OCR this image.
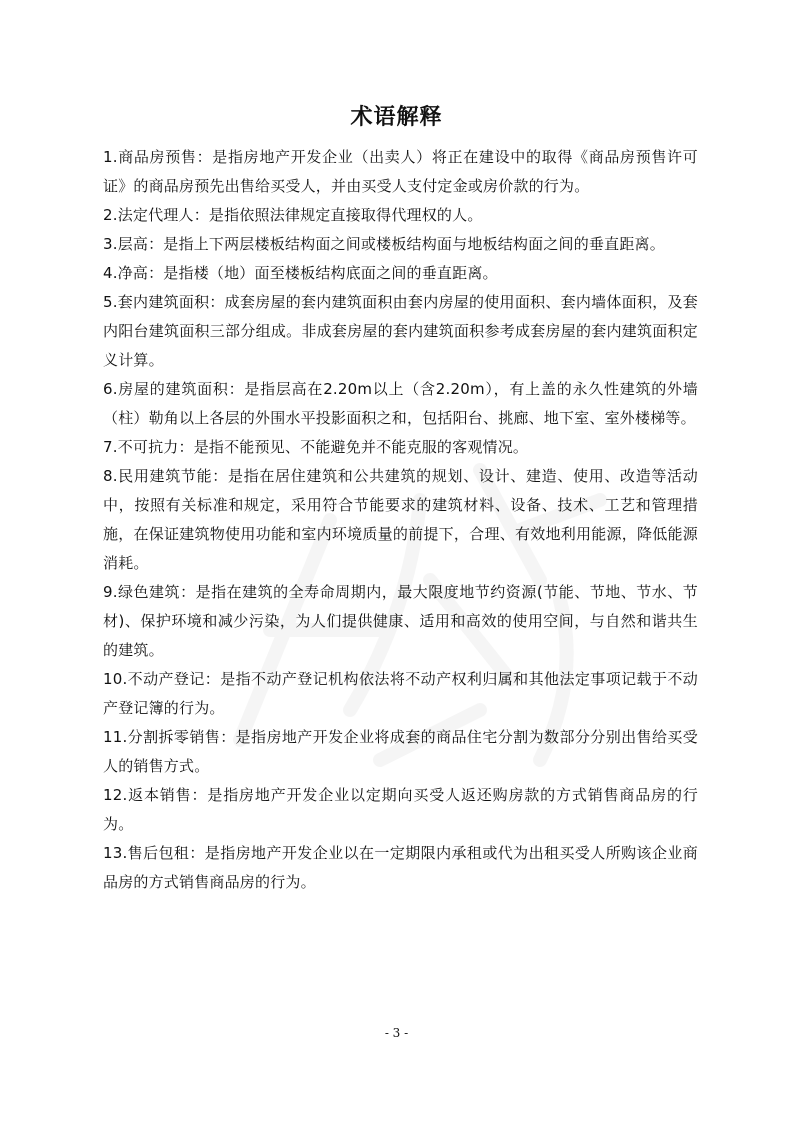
术语解释

1.商品房预售：是指房地产开发企业（出卖人）将正在建设中的取得《商品房预售许可证》的商品房预先出售给买受人，并由买受人支付定金或房价款的行为。

2.法定代理人：是指依照法律规定直接取得代理权的人。

3.层高：是指上下两层楼板结构面之间或楼板结构面与地板结构面之间的垂直距离。

4.净高：是指楼（地）面至楼板结构底面之间的垂直距离。

5.套内建筑面积：成套房屋的套内建筑面积由套内房屋的使用面积、套内墙体面积，及套内阳台建筑面积三部分组成。非成套房屋的套内建筑面积参考成套房屋的套内建筑面积定义计算。

6.房屋的建筑面积：是指层高在2.20m以上（含2.20m），有上盖的永久性建筑的外墙（柱）勒角以上各层的外围水平投影面积之和，包括阳台、挑廊、地下室、室外楼梯等。

7.不可抗力：是指不能预见、不能避免并不能克服的客观情况。

8.民用建筑节能：是指在居住建筑和公共建筑的规划、设计、建造、使用、改造等活动中，按照有关标准和规定，采用符合节能要求的建筑材料、设备、技术、工艺和管理措施，在保证建筑物使用功能和室内环境质量的前提下，合理、有效地利用能源，降低能源消耗。

9.绿色建筑：是指在建筑的全寿命周期内，最大限度地节约资源(节能、节地、节水、节材)、保护环境和减少污染，为人们提供健康、适用和高效的使用空间，与自然和谐共生的建筑。

10.不动产登记：是指不动产登记机构依法将不动产权利归属和其他法定事项记载于不动产登记簿的行为。

11.分割拆零销售：是指房地产开发企业将成套的商品住宅分割为数部分分别出售给买受人的销售方式。

12.返本销售：是指房地产开发企业以定期向买受人返还购房款的方式销售商品房的行为。

13.售后包租：是指房地产开发企业以在一定期限内承租或代为出租买受人所购该企业商品房的方式销售商品房的行为。

- 3 -
